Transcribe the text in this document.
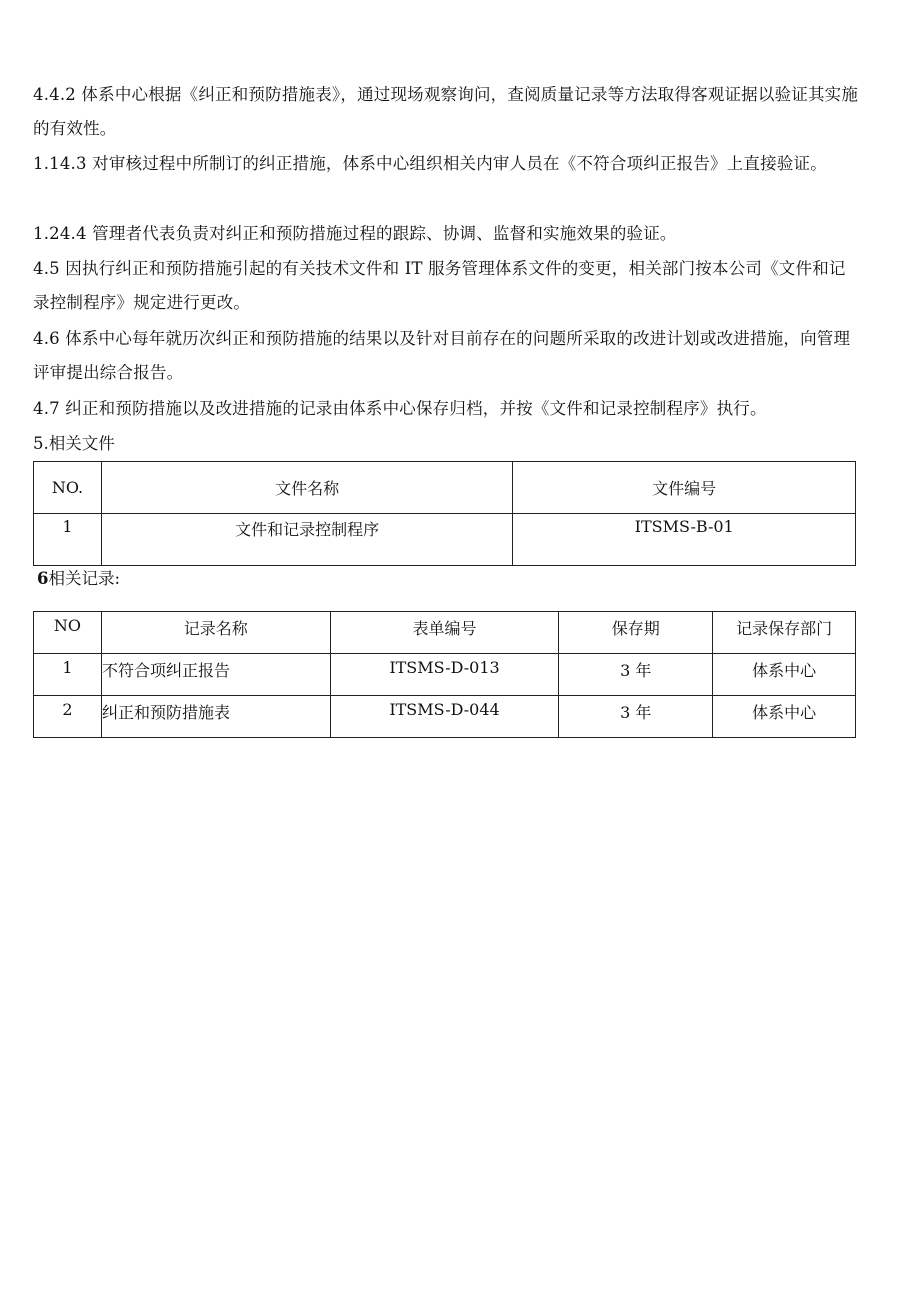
4.4.2 体系中心根据《纠正和预防措施表》，通过现场观察询问，查阅质量记录等方法取得客观证据以验证其实施的有效性。
1.14.3 对审核过程中所制订的纠正措施，体系中心组织相关内审人员在《不符合项纠正报告》上直接验证。
1.24.4 管理者代表负责对纠正和预防措施过程的跟踪、协调、监督和实施效果的验证。
4.5 因执行纠正和预防措施引起的有关技术文件和 IT 服务管理体系文件的变更，相关部门按本公司《文件和记录控制程序》规定进行更改。
4.6 体系中心每年就历次纠正和预防措施的结果以及针对目前存在的问题所采取的改进计划或改进措施，向管理评审提出综合报告。
4.7 纠正和预防措施以及改进措施的记录由体系中心保存归档，并按《文件和记录控制程序》执行。
5.相关文件
NO.	文件名称	文件编号
1	文件和记录控制程序	ITSMS-B-01
6相关记录:
NO	记录名称	表单编号	保存期	记录保存部门
1	不符合项纠正报告	ITSMS-D-013	3 年	体系中心
2	纠正和预防措施表	ITSMS-D-044	3 年	体系中心
